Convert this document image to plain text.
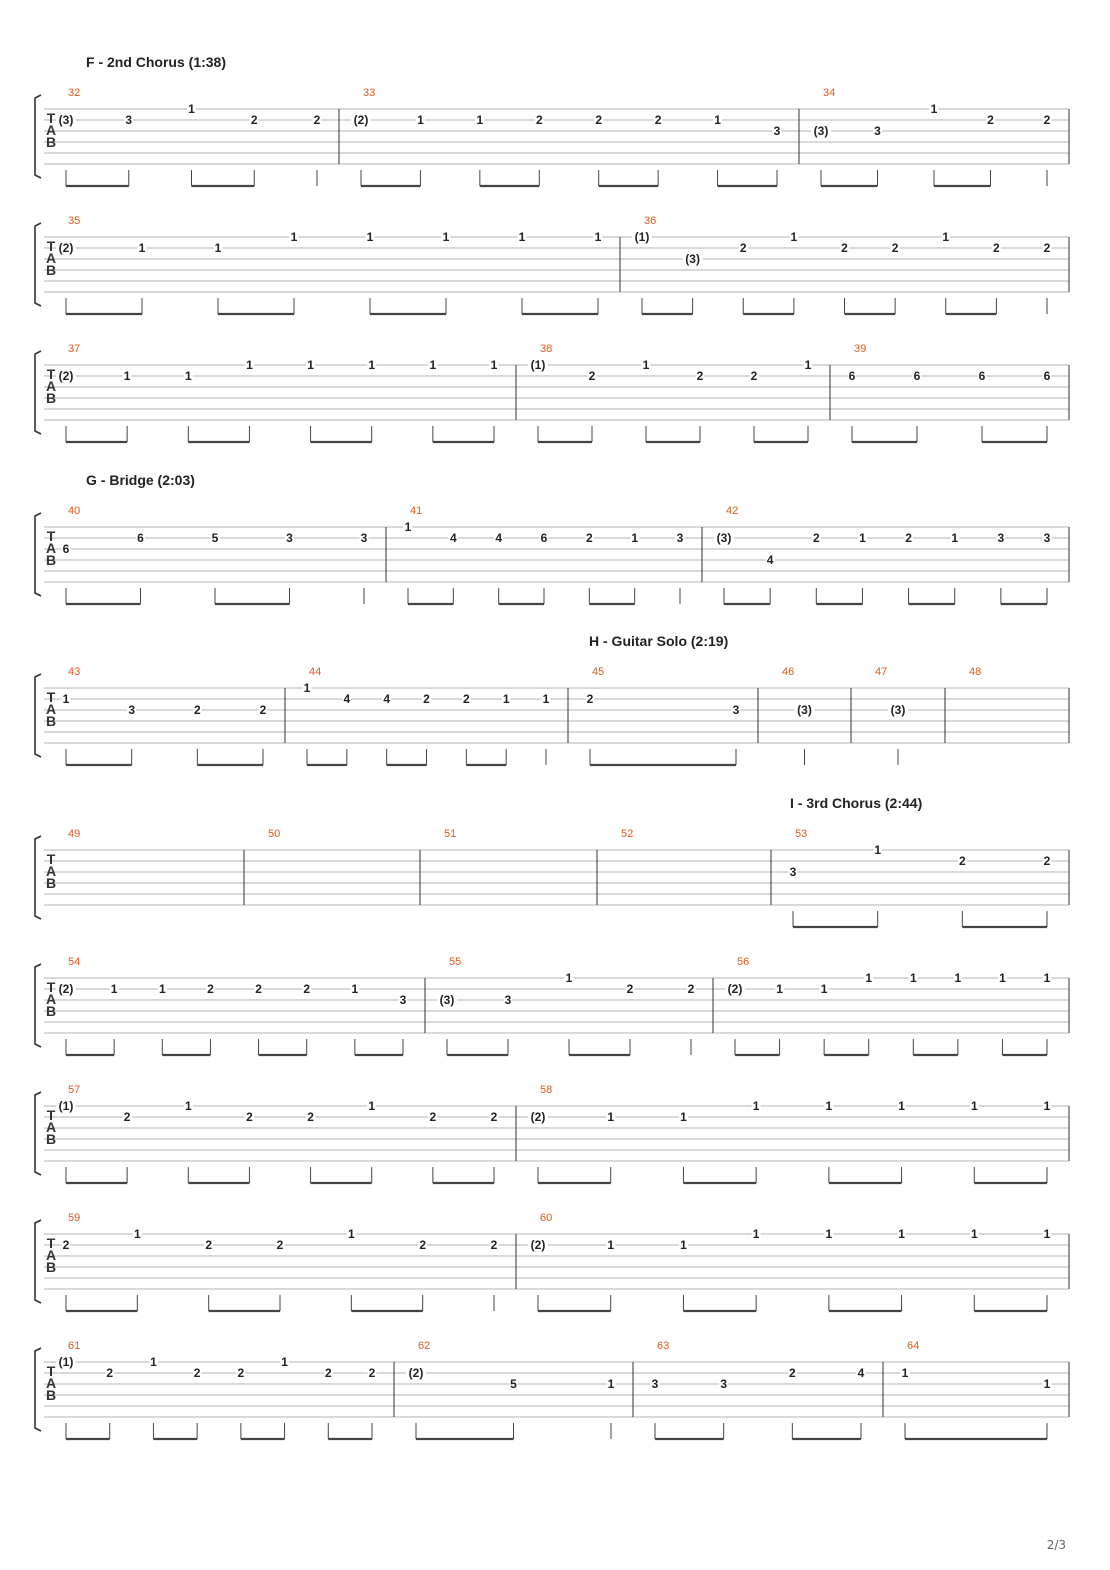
T
A
B
32
(3)	3
1
2	2
33
(2)	1	1	2	2	2	1
3
34
(3)	3
1
2	2
T
A
B
35
(2)	1	1
1	1	1	1	1
36
(1)
(3)
2
1
2	2
1
2	2
T
A
B
37
(2)	1	1
1	1	1	1	1
38
(1)
2
1
2	2
1
39
6	6	6	6
T
A
B
40
6
6	5	3	3
41
1
4	4	6	2	1	3
42
(3)
4
2	1	2	1	3	3
T
A
B
43
1
3	2	2
44
1
4	4	2	2	1	1
45
2
3
46
(3)
47
(3)
48
T
A
B
49	50	51	52	53
3
1
2	2
T
A
B
54
(2)	1	1	2	2	2	1
3
55
(3)	3
1
2	2
56
(2)	1	1
1	1	1	1	1
T
A
B
57
(1)
2
1
2	2
1
2	2
58
(2)	1	1
1	1	1	1	1
T
A
B
59
2
1
2	2
1
2	2
60
(2)	1	1
1	1	1	1	1
T
A
B
61
(1)
2
1
2	2
1
2	2
62
(2)
5	1
63
3	3
2	4
64
1
1
F - 2nd Chorus (1:38)
G - Bridge (2:03)
H - Guitar Solo (2:19)
I - 3rd Chorus (2:44)
2/3
